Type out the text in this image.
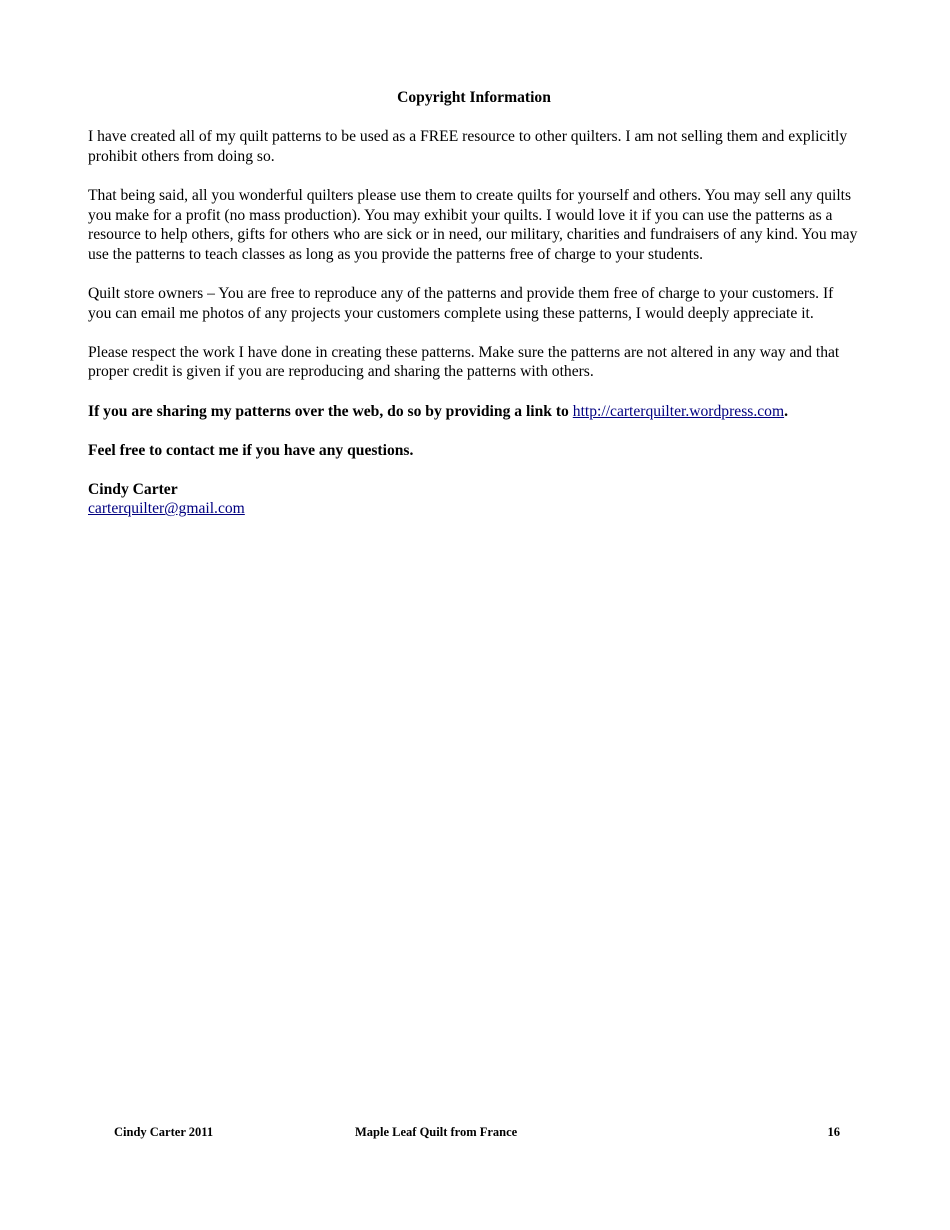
Copyright Information

I have created all of my quilt patterns to be used as a FREE resource to other quilters. I am not selling them and explicitly prohibit others from doing so.

That being said, all you wonderful quilters please use them to create quilts for yourself and others. You may sell any quilts you make for a profit (no mass production). You may exhibit your quilts. I would love it if you can use the patterns as a resource to help others, gifts for others who are sick or in need, our military, charities and fundraisers of any kind. You may use the patterns to teach classes as long as you provide the patterns free of charge to your students.

Quilt store owners – You are free to reproduce any of the patterns and provide them free of charge to your customers. If you can email me photos of any projects your customers complete using these patterns, I would deeply appreciate it.

Please respect the work I have done in creating these patterns. Make sure the patterns are not altered in any way and that proper credit is given if you are reproducing and sharing the patterns with others.

If you are sharing my patterns over the web, do so by providing a link to http://carterquilter.wordpress.com.

Feel free to contact me if you have any questions.

Cindy Carter

carterquilter@gmail.com

Cindy Carter 2011	Maple Leaf Quilt from France	16
